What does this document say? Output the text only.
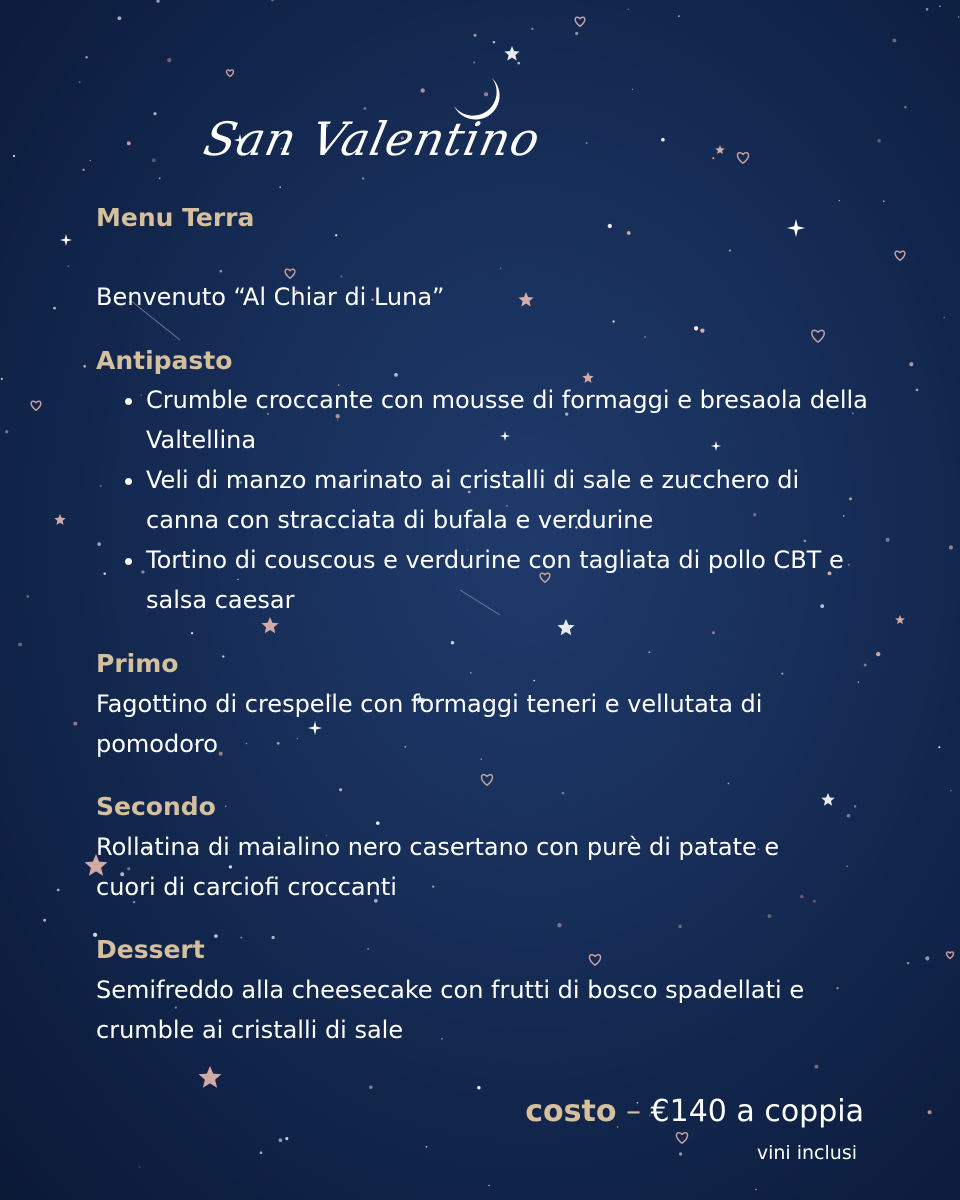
San Valentino
Menu Terra
Benvenuto “Al Chiar di Luna”
Antipasto
• Crumble croccante con mousse di formaggi e bresaola della Valtellina
• Veli di manzo marinato ai cristalli di sale e zucchero di canna con stracciata di bufala e verdurine
• Tortino di couscous e verdurine con tagliata di pollo CBT e salsa caesar
Primo
Fagottino di crespelle con formaggi teneri e vellutata di pomodoro
Secondo
Rollatina di maialino nero casertano con purè di patate e cuori di carciofi croccanti
Dessert
Semifreddo alla cheesecake con frutti di bosco spadellati e crumble ai cristalli di sale
costo – €140 a coppia
vini inclusi
